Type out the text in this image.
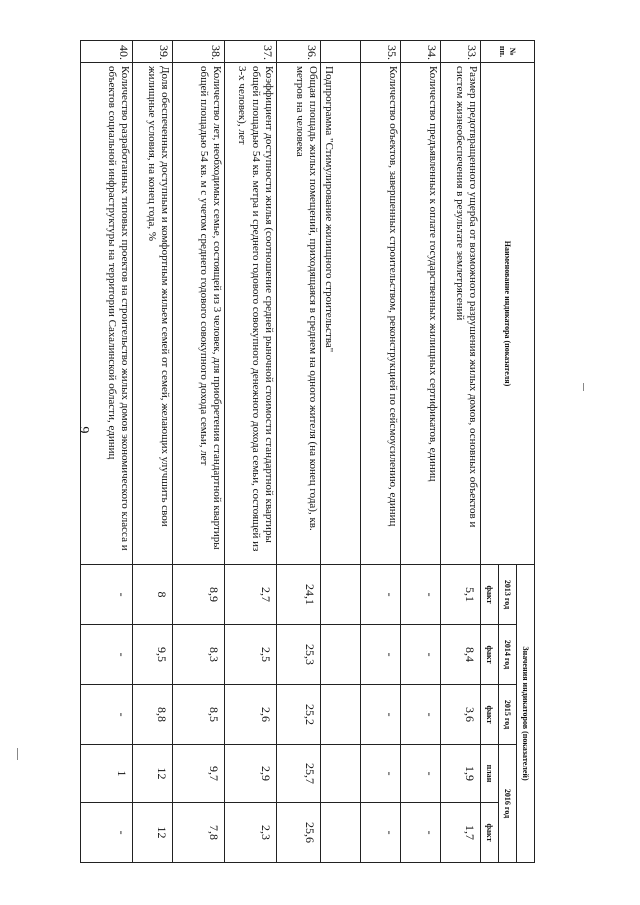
6
№
пп.	Наименование индикатора (показателя)	Значения индикаторов (показателей)				
		2013 год	2014 год	2015 год	2016 год	
		факт	факт	факт	план	факт
33.	Размер предотвращенного ущерба от возможного разрушения жилых домов, основных объектов и систем жизнеобеспечения в результате землетрясений	5,1	8,4	3,6	1,9	1,7
34.	Количество предъявленных к оплате государственных жилищных сертификатов, единиц	-	-	-	-	-
35.	Количество объектов, завершенных строительством, реконструкцией по сейсмоусилению, единиц	-	-	-	-	-
	Подпрограмма "Стимулирование жилищного строительства"					
36.	Общая площадь жилых помещений, приходящаяся в среднем на одного жителя (на конец года), кв. метров на человека	24,1	25,3	25,2	25,7	25,6
37.	Коэффициент доступности жилья (соотношение средней рыночной стоимости стандартной квартиры общей площадью 54 кв. метра и среднего годового совокупного денежного дохода семьи, состоящей из 3-х человек), лет	2,7	2,5	2,6	2,9	2,3
38.	Количество лет, необходимых семье, состоящей из 3 человек, для приобретения стандартной квартиры общей площадью 54 кв. м с учетом среднего годового совокупного дохода семьи, лет	8,9	8,3	8,5	9,7	7,8
39.	Доля обеспеченных доступным и комфортным жильем семей от семей, желающих улучшить свои жилищные условия, на конец года, %	8	9,5	8,8	12	12
40.	Количество разработанных типовых проектов на строительство жилых домов экономического класса и объектов социальной инфраструктуры на территории Сахалинской области, единиц	-	-	-	1	-
